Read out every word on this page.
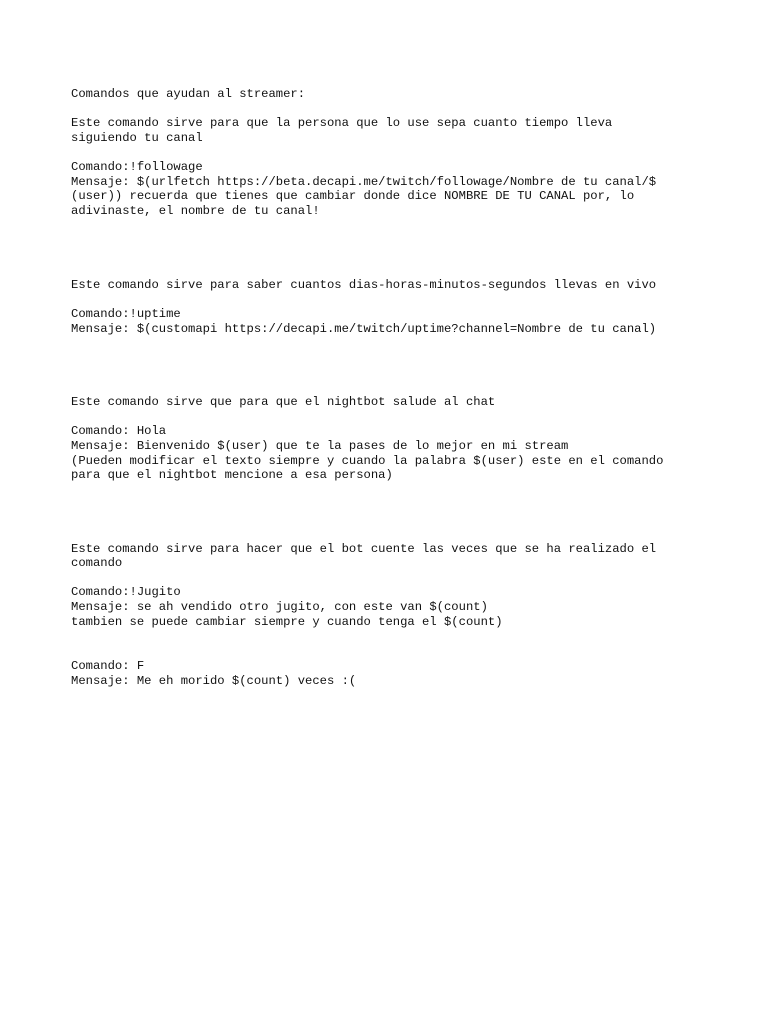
Comandos que ayudan al streamer:
Este comando sirve para que la persona que lo use sepa cuanto tiempo lleva
siguiendo tu canal
Comando:!followage
Mensaje: $(urlfetch https://beta.decapi.me/twitch/followage/Nombre de tu canal/$
(user)) recuerda que tienes que cambiar donde dice NOMBRE DE TU CANAL por, lo
adivinaste, el nombre de tu canal!
Este comando sirve para saber cuantos dias-horas-minutos-segundos llevas en vivo
Comando:!uptime
Mensaje: $(customapi https://decapi.me/twitch/uptime?channel=Nombre de tu canal)
Este comando sirve que para que el nightbot salude al chat
Comando: Hola
Mensaje: Bienvenido $(user) que te la pases de lo mejor en mi stream
(Pueden modificar el texto siempre y cuando la palabra $(user) este en el comando
para que el nightbot mencione a esa persona)
Este comando sirve para hacer que el bot cuente las veces que se ha realizado el
comando
Comando:!Jugito
Mensaje: se ah vendido otro jugito, con este van $(count)
tambien se puede cambiar siempre y cuando tenga el $(count)
Comando: F
Mensaje: Me eh morido $(count) veces :(
